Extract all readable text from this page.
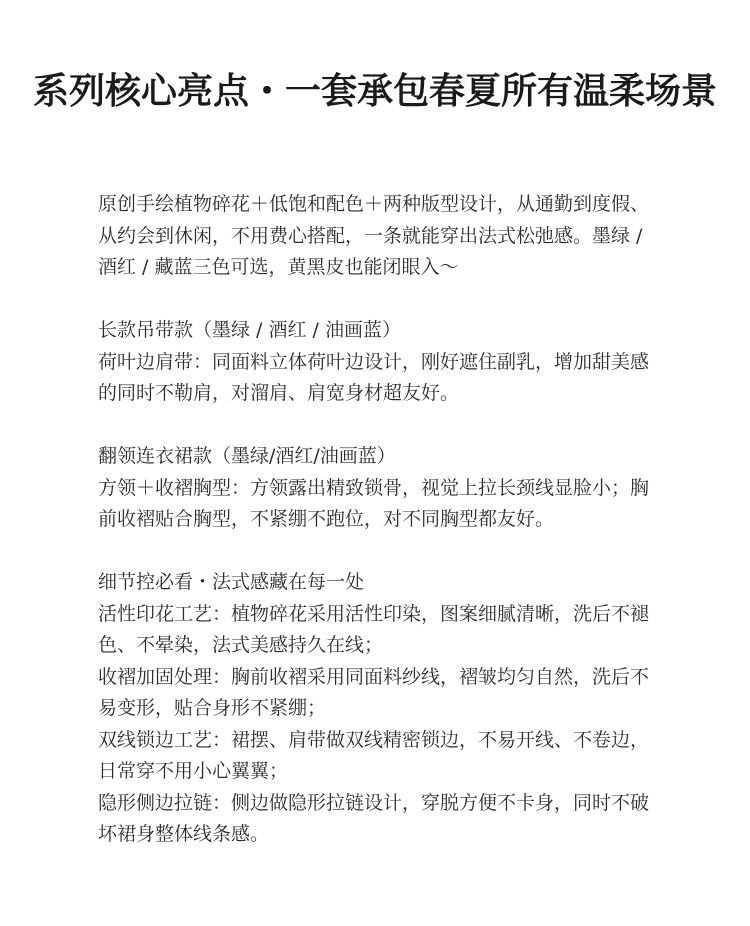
系列核心亮点・一套承包春夏所有温柔场景

原创手绘植物碎花＋低饱和配色＋两种版型设计，从通勤到度假、从约会到休闲，不用费心搭配，一条就能穿出法式松弛感。墨绿 / 酒红 / 藏蓝三色可选，黄黑皮也能闭眼入～

长款吊带款（墨绿 / 酒红 / 油画蓝）

荷叶边肩带：同面料立体荷叶边设计，刚好遮住副乳，增加甜美感的同时不勒肩，对溜肩、肩宽身材超友好。

翻领连衣裙款（墨绿/酒红/油画蓝）

方领＋收褶胸型：方领露出精致锁骨，视觉上拉长颈线显脸小；胸前收褶贴合胸型，不紧绷不跑位，对不同胸型都友好。

细节控必看・法式感藏在每一处

活性印花工艺：植物碎花采用活性印染，图案细腻清晰，洗后不褪色、不晕染，法式美感持久在线；

收褶加固处理：胸前收褶采用同面料纱线，褶皱均匀自然，洗后不易变形，贴合身形不紧绷；

双线锁边工艺：裙摆、肩带做双线精密锁边，不易开线、不卷边，日常穿不用小心翼翼；

隐形侧边拉链：侧边做隐形拉链设计，穿脱方便不卡身，同时不破坏裙身整体线条感。
